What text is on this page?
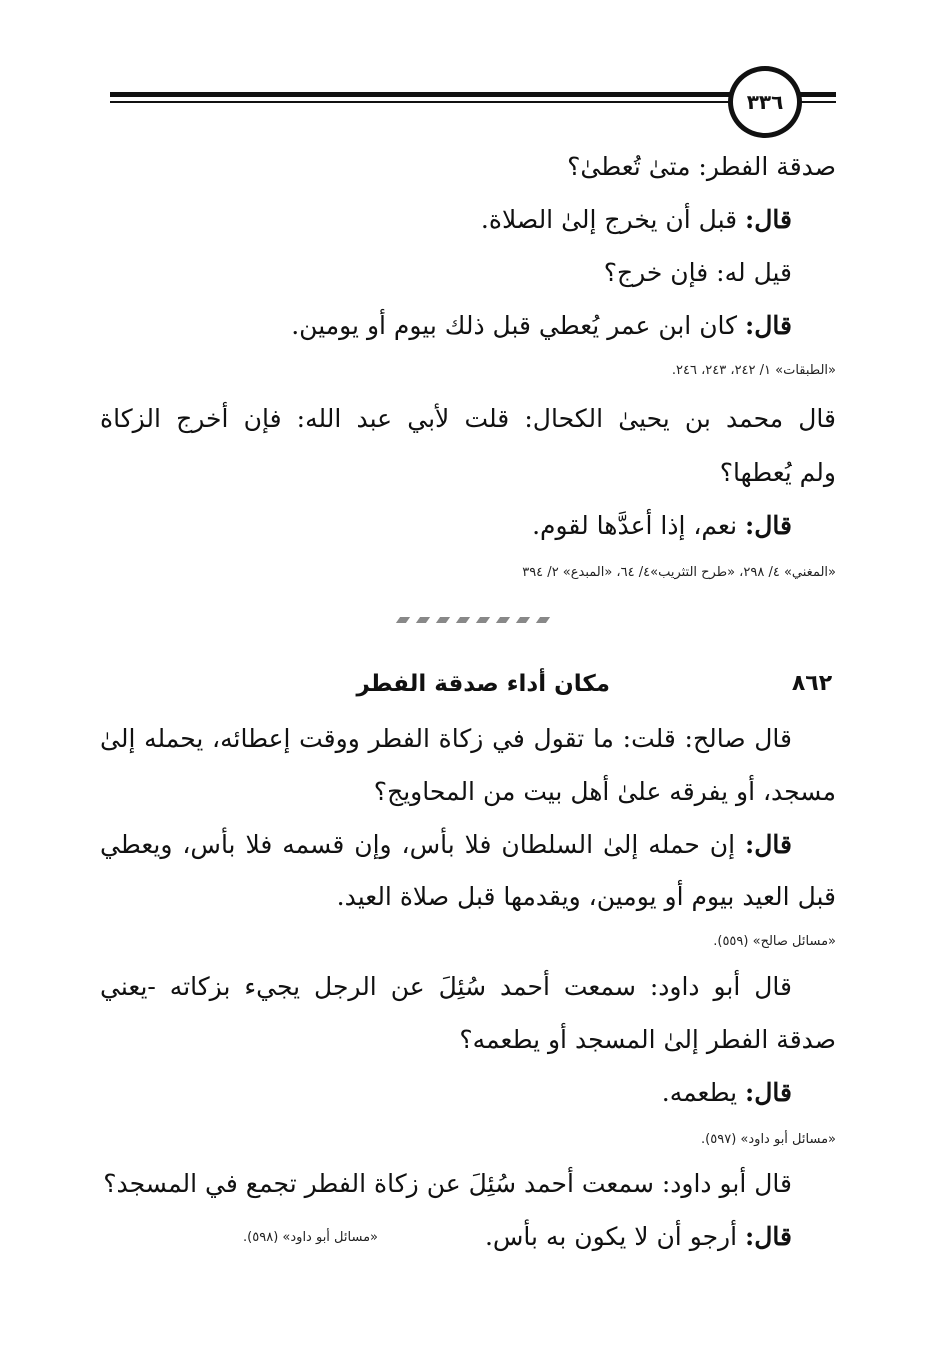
٣٣٦
صدقة الفطر: متىٰ تُعطىٰ؟
قال: قبل أن يخرج إلىٰ الصلاة.
قيل له: فإن خرج؟
قال: كان ابن عمر يُعطي قبل ذلك بيوم أو يومين.
«الطبقات» ١/ ٢٤٢، ٢٤٣، ٢٤٦.
قال محمد بن يحيىٰ الكحال: قلت لأبي عبد الله: فإن أخرج الزكاة
ولم يُعطها؟
قال: نعم، إذا أعدَّها لقوم.
«المغني» ٤/ ٢٩٨، «طرح التثريب»٤/ ٦٤، «المبدع» ٢/ ٣٩٤
٨٦٢
مكان أداء صدقة الفطر
قال صالح: قلت: ما تقول في زكاة الفطر ووقت إعطائه، يحمله إلىٰ
مسجد، أو يفرقه علىٰ أهل بيت من المحاويج؟
قال: إن حمله إلىٰ السلطان فلا بأس، وإن قسمه فلا بأس، ويعطي
قبل العيد بيوم أو يومين، ويقدمها قبل صلاة العيد.
«مسائل صالح» (٥٥٩).
قال أبو داود: سمعت أحمد سُئِلَ عن الرجل يجيء بزكاته -يعني
صدقة الفطر إلىٰ المسجد أو يطعمه؟
قال: يطعمه.
«مسائل أبو داود» (٥٩٧).
قال أبو داود: سمعت أحمد سُئِلَ عن زكاة الفطر تجمع في المسجد؟
قال: أرجو أن لا يكون به بأس.
«مسائل أبو داود» (٥٩٨).
